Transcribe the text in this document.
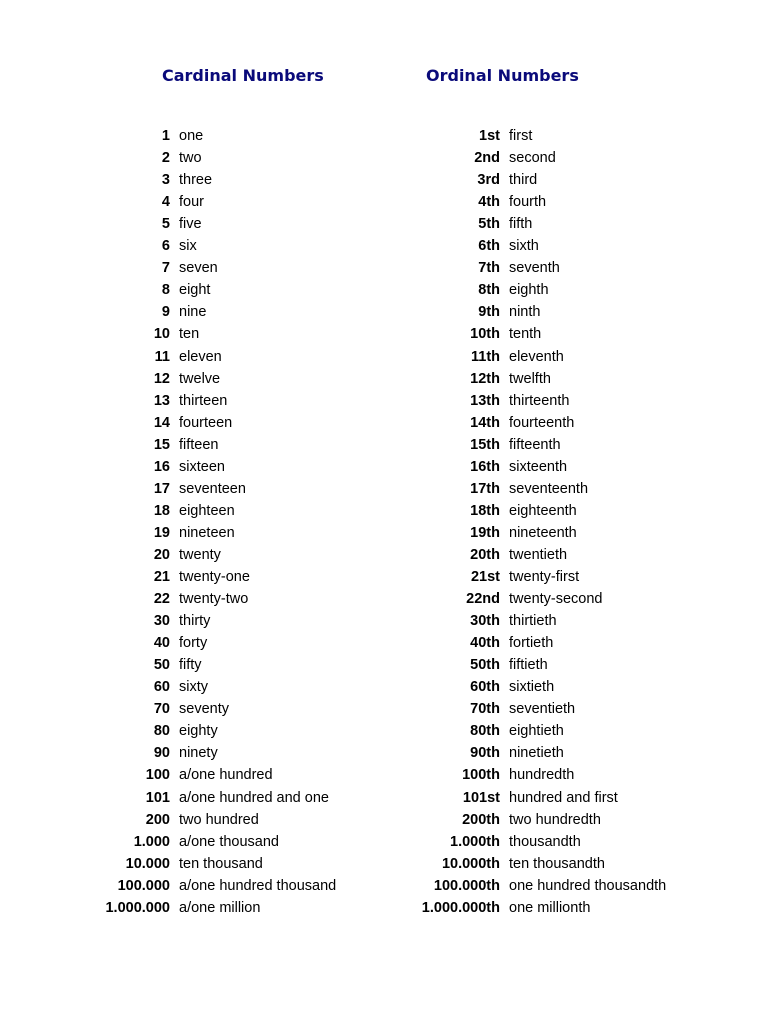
Cardinal Numbers	Ordinal Numbers
1 one
2 two
3 three
4 four
5 five
6 six
7 seven
8 eight
9 nine
10 ten
11 eleven
12 twelve
13 thirteen
14 fourteen
15 fifteen
16 sixteen
17 seventeen
18 eighteen
19 nineteen
20 twenty
21 twenty-one
22 twenty-two
30 thirty
40 forty
50 fifty
60 sixty
70 seventy
80 eighty
90 ninety
100 a/one hundred
101 a/one hundred and one
200 two hundred
1.000 a/one thousand
10.000 ten thousand
100.000 a/one hundred thousand
1.000.000 a/one million
1st first
2nd second
3rd third
4th fourth
5th fifth
6th sixth
7th seventh
8th eighth
9th ninth
10th tenth
11th eleventh
12th twelfth
13th thirteenth
14th fourteenth
15th fifteenth
16th sixteenth
17th seventeenth
18th eighteenth
19th nineteenth
20th twentieth
21st twenty-first
22nd twenty-second
30th thirtieth
40th fortieth
50th fiftieth
60th sixtieth
70th seventieth
80th eightieth
90th ninetieth
100th hundredth
101st hundred and first
200th two hundredth
1.000th thousandth
10.000th ten thousandth
100.000th one hundred thousandth
1.000.000th one millionth
